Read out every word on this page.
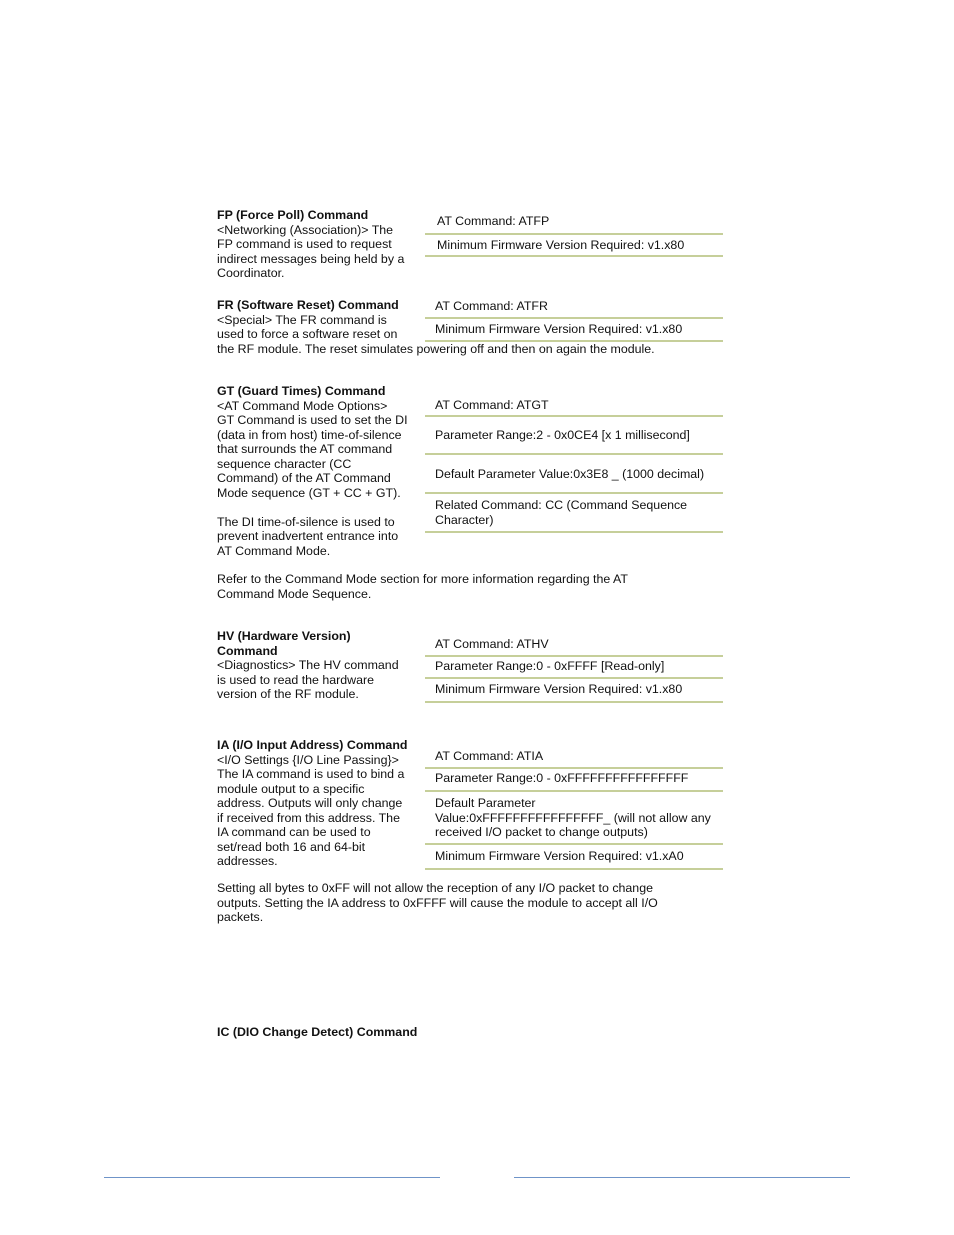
FP (Force Poll) Command
<Networking (Association)> The
FP command is used to request
indirect messages being held by a
Coordinator.
AT Command: ATFP
Minimum Firmware Version Required: v1.x80
FR (Software Reset) Command
<Special> The FR command is
used to force a software reset on
the RF module. The reset simulates powering off and then on again the module.
AT Command: ATFR
Minimum Firmware Version Required: v1.x80
GT (Guard Times) Command
<AT Command Mode Options>
GT Command is used to set the DI
(data in from host) time-of-silence
that surrounds the AT command
sequence character (CC
Command) of the AT Command
Mode sequence (GT + CC + GT).
The DI time-of-silence is used to
prevent inadvertent entrance into
AT Command Mode.
AT Command: ATGT
Parameter Range:2 - 0x0CE4 [x 1 millisecond]
Default Parameter Value:0x3E8 _ (1000 decimal)
Related Command: CC (Command Sequence
Character)
Refer to the Command Mode section for more information regarding the AT
Command Mode Sequence.
HV (Hardware Version)
Command
<Diagnostics> The HV command
is used to read the hardware
version of the RF module.
AT Command: ATHV
Parameter Range:0 - 0xFFFF [Read-only]
Minimum Firmware Version Required: v1.x80
IA (I/O Input Address) Command
<I/O Settings {I/O Line Passing}>
The IA command is used to bind a
module output to a specific
address. Outputs will only change
if received from this address. The
IA command can be used to
set/read both 16 and 64-bit
addresses.
AT Command: ATIA
Parameter Range:0 - 0xFFFFFFFFFFFFFFFF
Default Parameter
Value:0xFFFFFFFFFFFFFFFF_ (will not allow any
received I/O packet to change outputs)
Minimum Firmware Version Required: v1.xA0
Setting all bytes to 0xFF will not allow the reception of any I/O packet to change
outputs. Setting the IA address to 0xFFFF will cause the module to accept all I/O
packets.
IC (DIO Change Detect) Command
